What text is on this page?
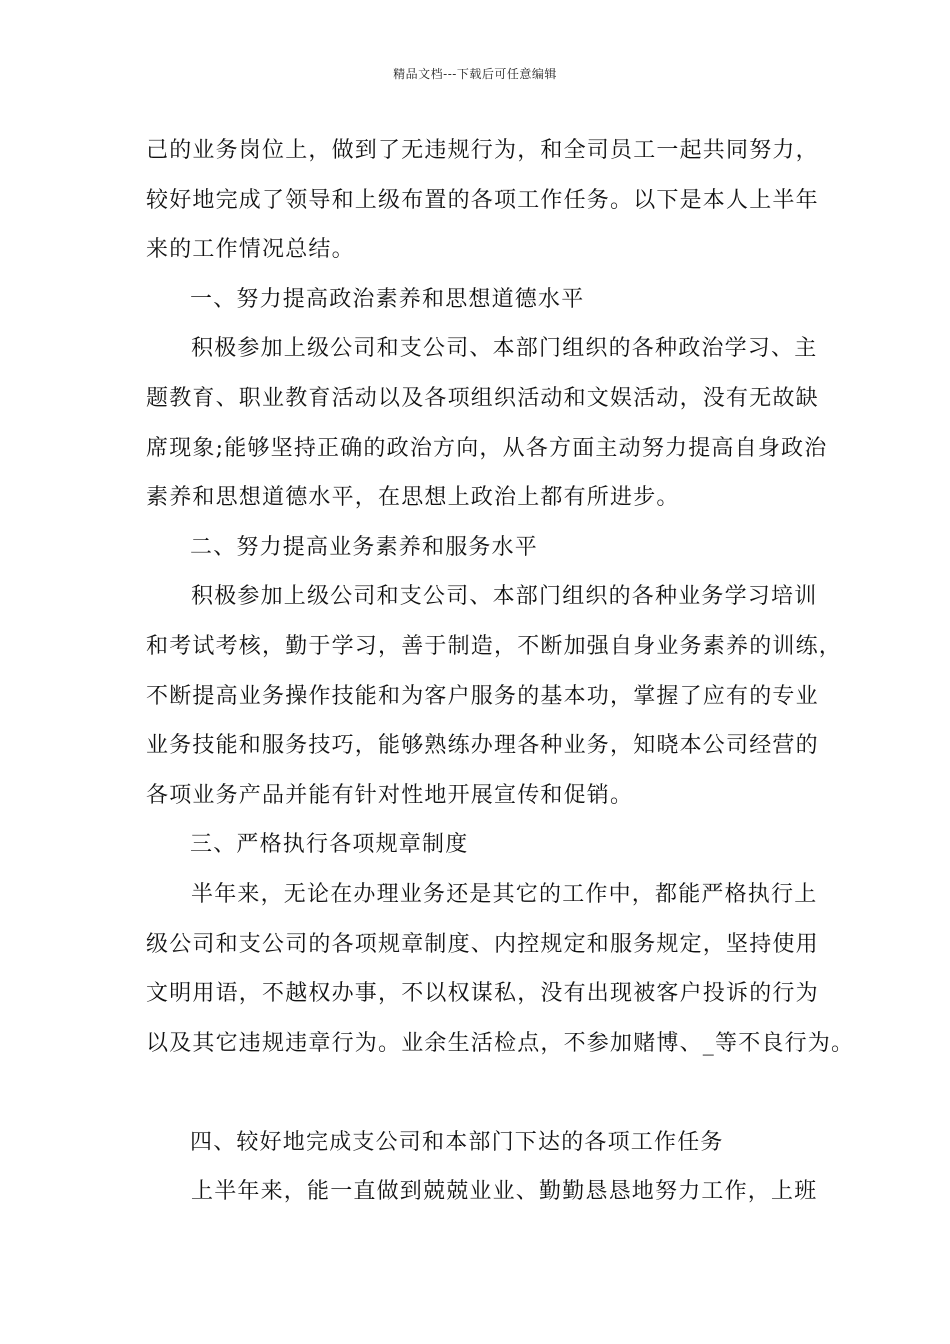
精品文档---下载后可任意编辑
己的业务岗位上，做到了无违规行为，和全司员工一起共同努力，
较好地完成了领导和上级布置的各项工作任务。以下是本人上半年
来的工作情况总结。
一、努力提高政治素养和思想道德水平
积极参加上级公司和支公司、本部门组织的各种政治学习、主
题教育、职业教育活动以及各项组织活动和文娱活动，没有无故缺
席现象;能够坚持正确的政治方向，从各方面主动努力提高自身政治
素养和思想道德水平，在思想上政治上都有所进步。
二、努力提高业务素养和服务水平
积极参加上级公司和支公司、本部门组织的各种业务学习培训
和考试考核，勤于学习，善于制造，不断加强自身业务素养的训练，
不断提高业务操作技能和为客户服务的基本功，掌握了应有的专业
业务技能和服务技巧，能够熟练办理各种业务，知晓本公司经营的
各项业务产品并能有针对性地开展宣传和促销。
三、严格执行各项规章制度
半年来，无论在办理业务还是其它的工作中，都能严格执行上
级公司和支公司的各项规章制度、内控规定和服务规定，坚持使用
文明用语，不越权办事，不以权谋私，没有出现被客户投诉的行为
以及其它违规违章行为。业余生活检点，不参加赌博、_等不良行为。
四、较好地完成支公司和本部门下达的各项工作任务
上半年来，能一直做到兢兢业业、勤勤恳恳地努力工作，上班
